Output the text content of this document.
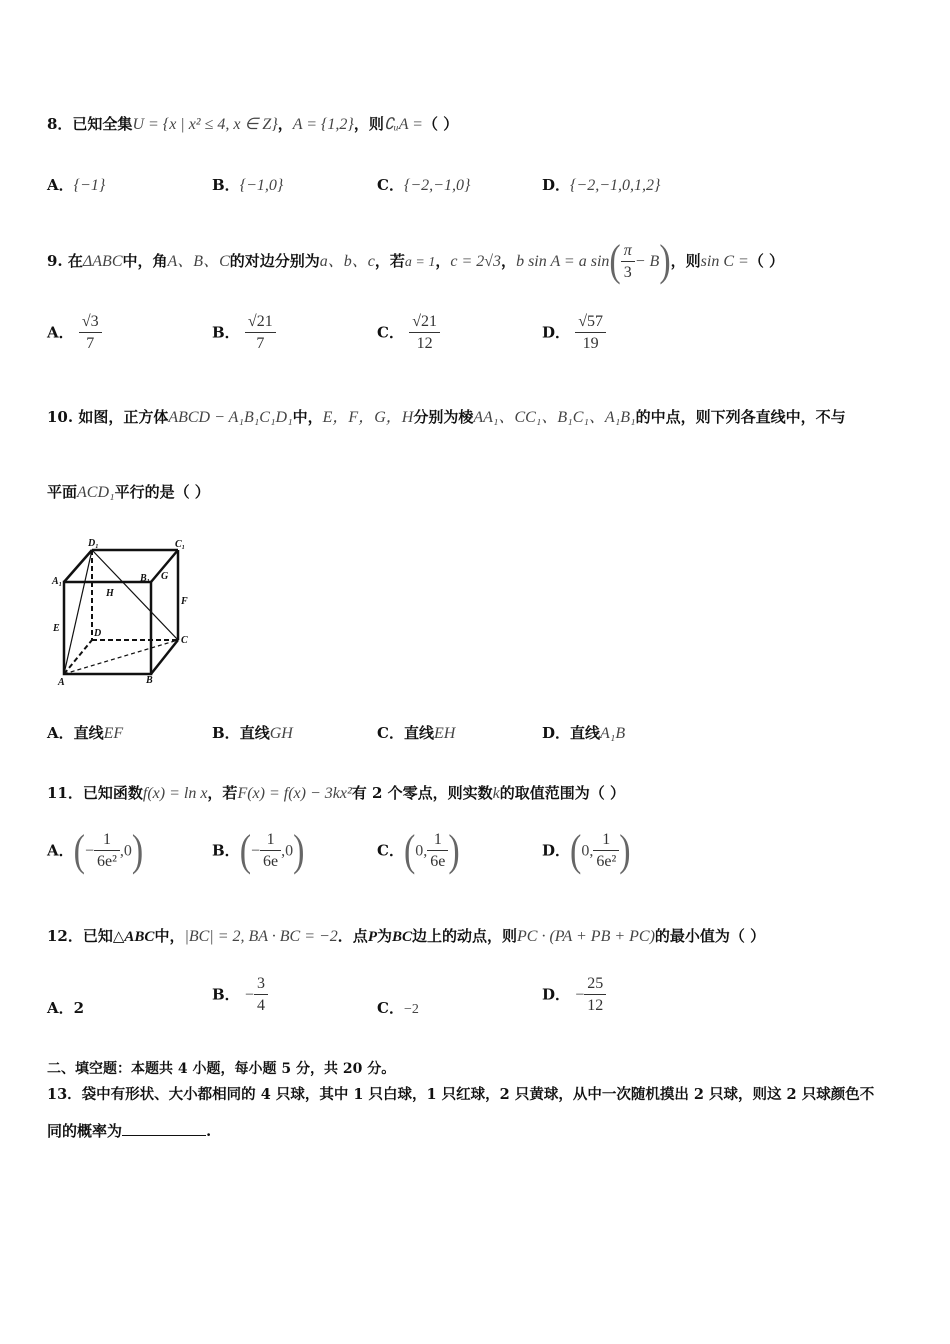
8．已知全集U = {x | x² ≤ 4, x ∈ Z}，A = {1,2}，则∁ᵤA =（ ）
A．{−1}	B．{−1,0}	C．{−2,−1,0}	D．{−2,−1,0,1,2}
9. 在ΔABC中，角A、B、C的对边分别为a、b、c，若a = 1，c = 2√3，b sin A = a $\sin( \frac{\pi}{3} - B)$，则sin C =（ ）
A． $\frac{√3}{7}$	B． $\frac{√21}{7}$	C． $\frac{√21}{12}$	D． $\frac{√57}{19}$
10. 如图，正方体ABCD − A₁B₁C₁D₁中，E，F，G，H分别为棱AA₁、CC₁、B₁C₁、A₁B₁的中点，则下列各直线中，不与
平面ACD₁平行的是（ ）
D₁	C₁
A₁	B₁ G
H
F
E	D
C
A	B
A．直线EF	B．直线GH	C．直线EH	D．直线A₁B
11．已知函数f(x) = ln x，若F(x) = f(x) − 3kx²有 2 个零点，则实数k的取值范围为（ ）
A．(− $\frac{1}{\text{6e²}} ,0$)	B．(− $\frac{1}{6e} ,0$)	C．(0, $\frac{1}{6e}$ )	D．(0, $\frac{1}{\text{6e²}}$ )
12．已知△ABC中，|BC| = 2, BA · BC = −2．点P为BC边上的动点，则PC · (PA + PB + PC)的最小值为（ ）
A．2
B． − $\frac{3}{4}$	C．−2
D． − $\frac{25}{12}$
二、填空题：本题共 4 小题，每小题 5 分，共 20 分。
13．袋中有形状、大小都相同的 4 只球，其中 1 只白球，1 只红球，2 只黄球，从中一次随机摸出 2 只球，则这 2 只球颜色不
同的概率为	.
